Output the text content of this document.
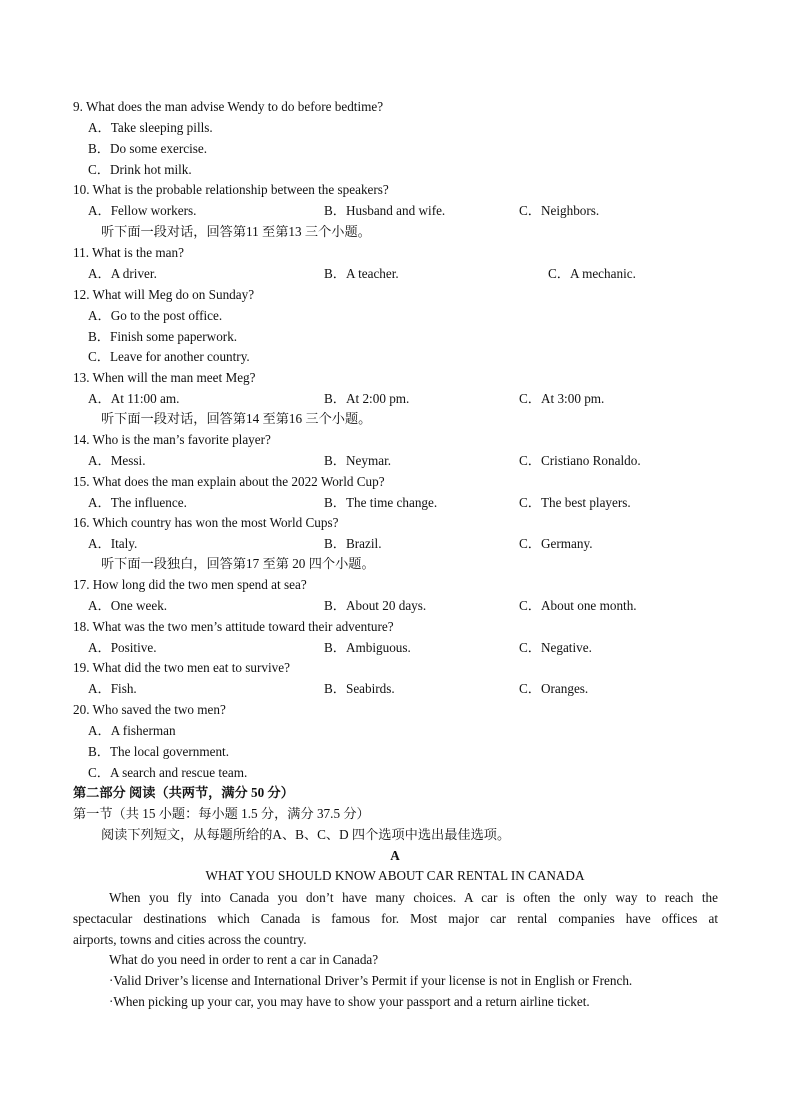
9. What does the man advise Wendy to do before bedtime?
A．Take sleeping pills.
B．Do some exercise.
C．Drink hot milk.
10. What is the probable relationship between the speakers?
A．Fellow workers.	B．Husband and wife.	C．Neighbors.
听下面一段对话，回答第11 至第13 三个小题。
11. What is the man?
A．A driver.	B．A teacher.	C．A mechanic.
12. What will Meg do on Sunday?
A．Go to the post office.
B．Finish some paperwork.
C．Leave for another country.
13. When will the man meet Meg?
A．At 11:00 am.	B．At 2:00 pm.	C．At 3:00 pm.
听下面一段对话，回答第14 至第16 三个小题。
14. Who is the man’s favorite player?
A．Messi.	B．Neymar.	C．Cristiano Ronaldo.
15. What does the man explain about the 2022 World Cup?
A．The influence.	B．The time change.	C．The best players.
16. Which country has won the most World Cups?
A．Italy.	B．Brazil.	C．Germany.
听下面一段独白，回答第17 至第 20 四个小题。
17. How long did the two men spend at sea?
A．One week.	B．About 20 days.	C．About one month.
18. What was the two men’s attitude toward their adventure?
A．Positive.	B．Ambiguous.	C．Negative.
19. What did the two men eat to survive?
A．Fish.	B．Seabirds.	C．Oranges.
20. Who saved the two men?
A．A fisherman
B．The local government.
C．A search and rescue team.
第二部分 阅读（共两节，满分 50 分）
第一节（共 15 小题：每小题 1.5 分，满分 37.5 分）
阅读下列短文，从每题所给的A、B、C、D 四个选项中选出最佳选项。
A
WHAT YOU SHOULD KNOW ABOUT CAR RENTAL IN CANADA
When you fly into Canada you don’t have many choices. A car is often the only way to reach the
spectacular destinations which Canada is famous for. Most major car rental companies have offices at
airports, towns and cities across the country.
What do you need in order to rent a car in Canada?
·Valid Driver’s license and International Driver’s Permit if your license is not in English or French.
·When picking up your car, you may have to show your passport and a return airline ticket.
